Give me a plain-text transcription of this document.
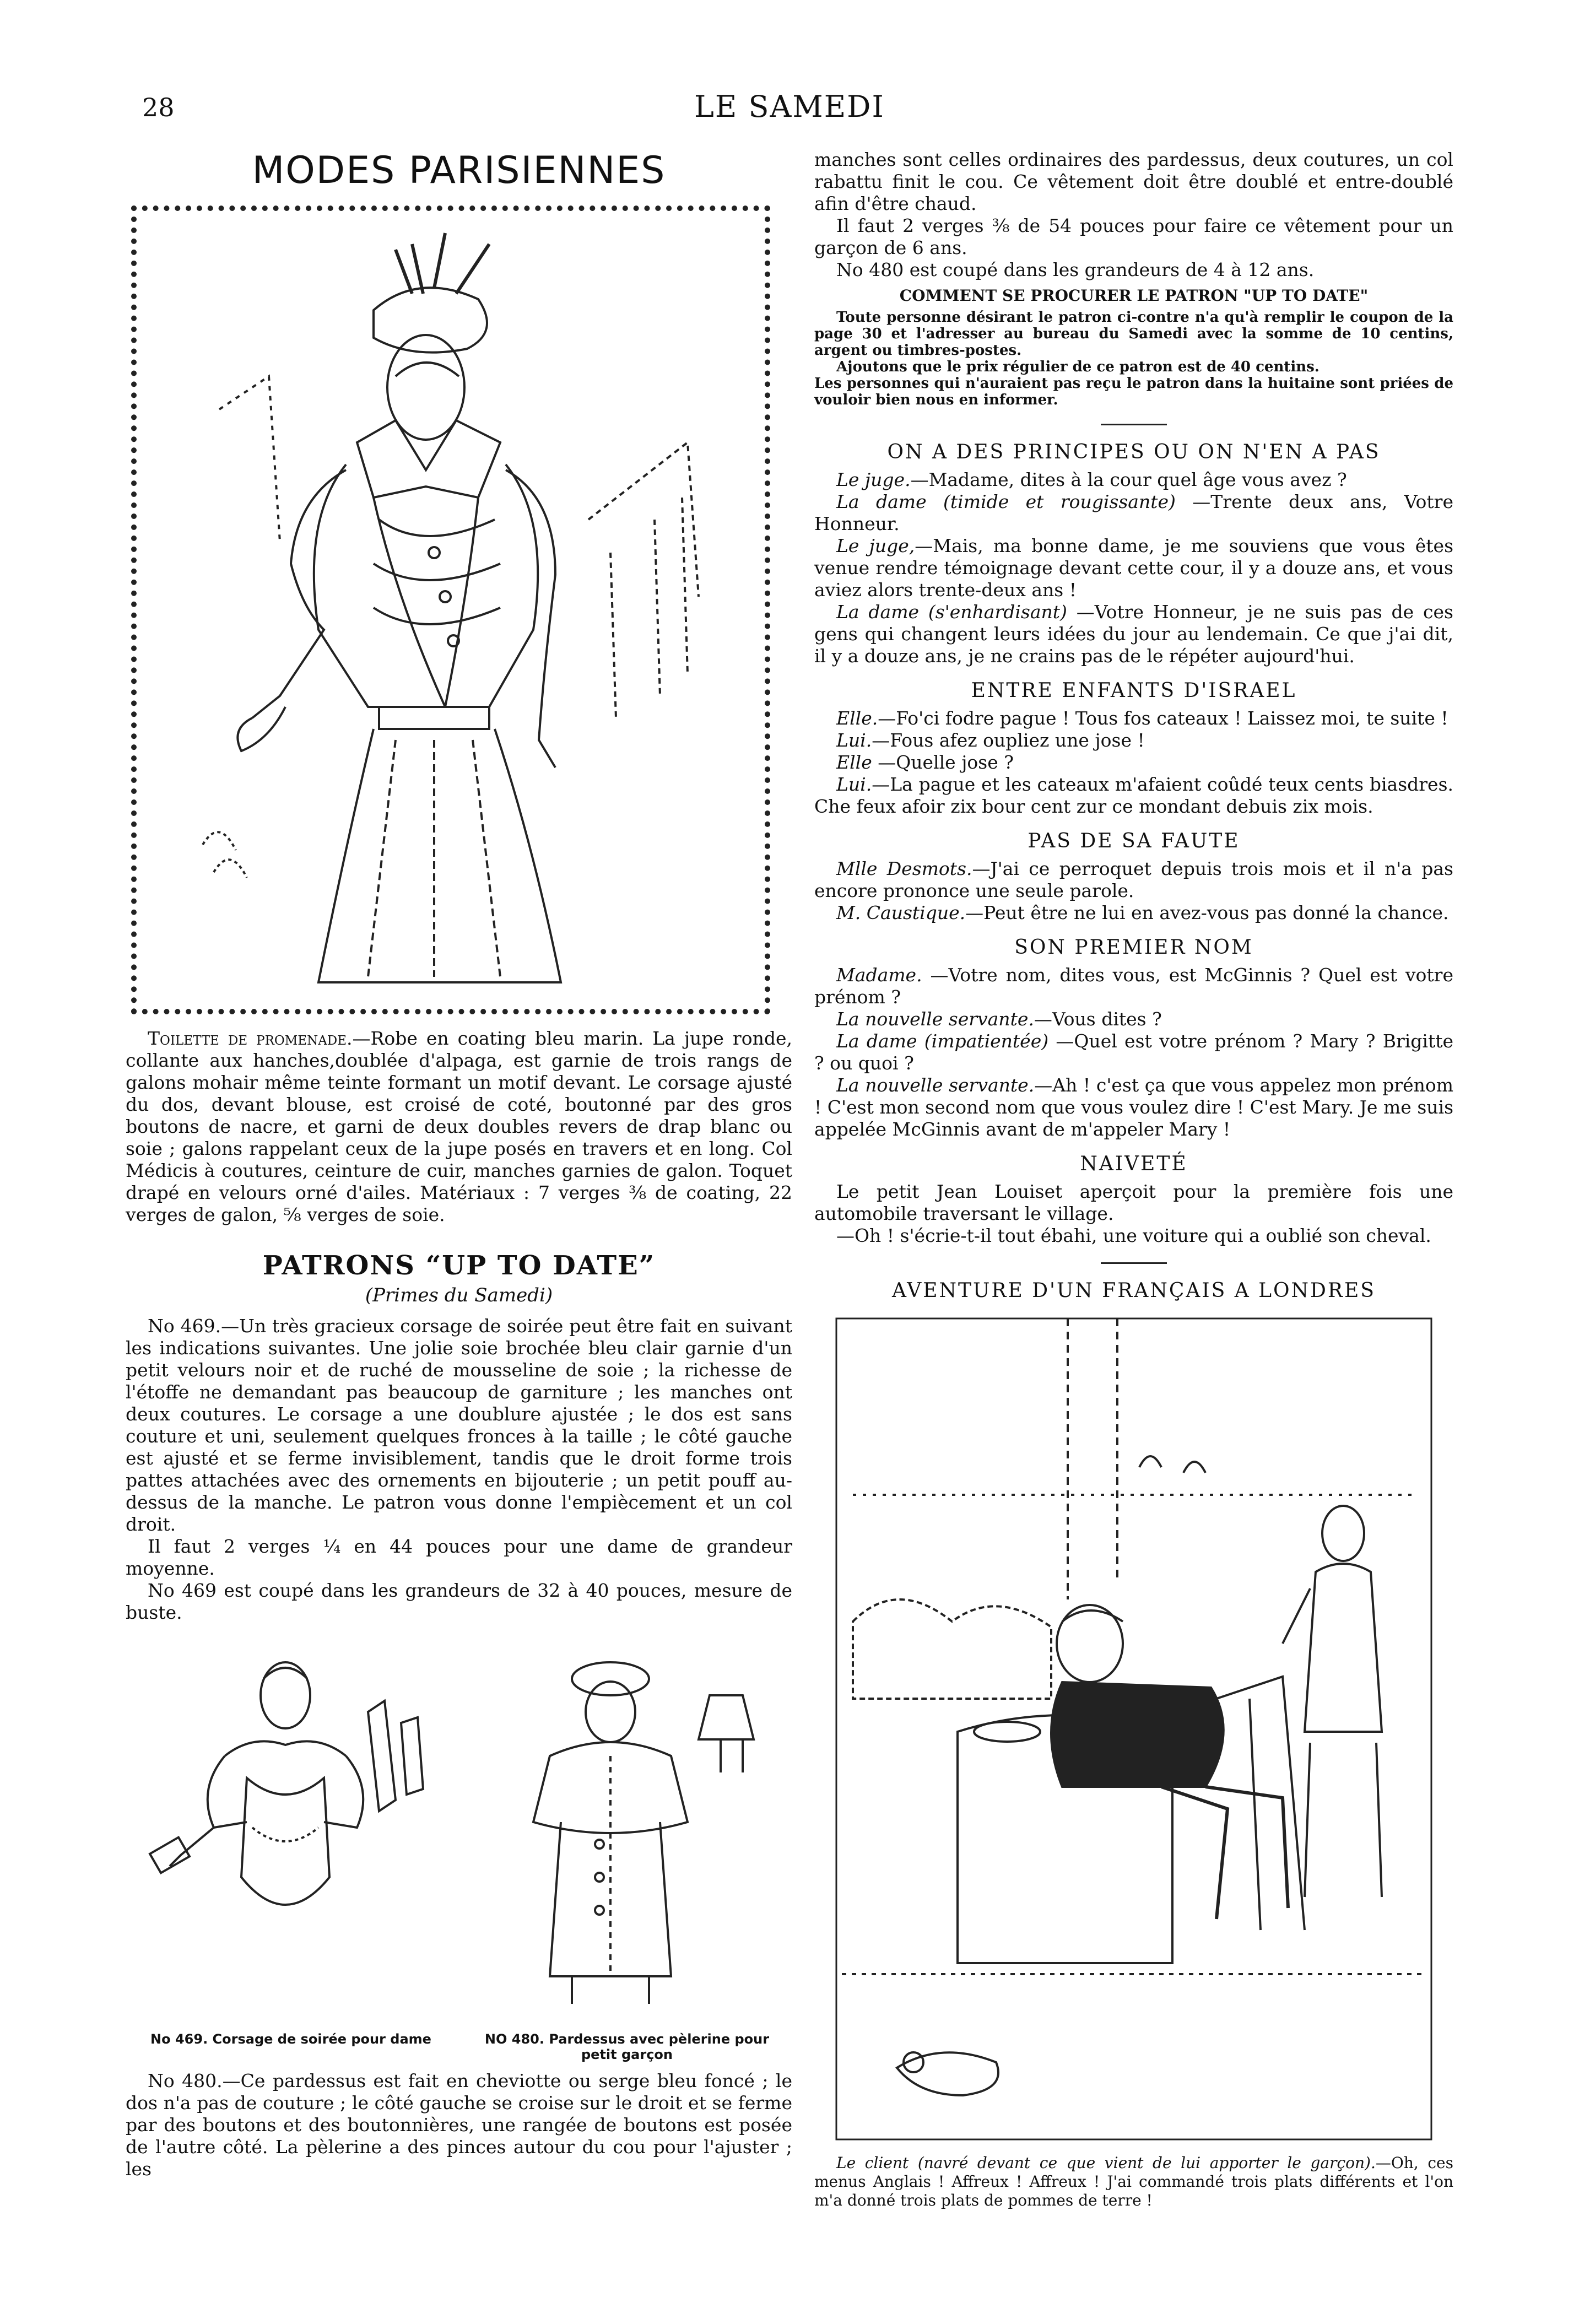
28	LE SAMEDI
MODES PARISIENNES

Toilette de promenade.—Robe en coating bleu marin. La jupe ronde, collante aux hanches,doublée d'alpaga, est garnie de trois rangs de galons mohair même teinte formant un motif devant. Le corsage ajusté du dos, devant blouse, est croisé de coté, boutonné par des gros boutons de nacre, et garni de deux doubles revers de drap blanc ou soie ; galons rappelant ceux de la jupe posés en travers et en long. Col Médicis à coutures, ceinture de cuir, manches garnies de galon. Toquet drapé en velours orné d'ailes. Matériaux : 7 verges ⅜ de coating, 22 verges de galon, ⅝ verges de soie.

PATRONS “UP TO DATE”
(Primes du Samedi)

No 469.—Un très gracieux corsage de soirée peut être fait en suivant les indications suivantes. Une jolie soie brochée bleu clair garnie d'un petit velours noir et de ruché de mousseline de soie ; la richesse de l'étoffe ne demandant pas beaucoup de garniture ; les manches ont deux coutures. Le corsage a une doublure ajustée ; le dos est sans couture et uni, seulement quelques fronces à la taille ; le côté gauche est ajusté et se ferme invisiblement, tandis que le droit forme trois pattes attachées avec des ornements en bijouterie ; un petit pouff au-dessus de la manche. Le patron vous donne l'empiècement et un col droit.

Il faut 2 verges ¼ en 44 pouces pour une dame de grandeur moyenne.

No 469 est coupé dans les grandeurs de 32 à 40 pouces, mesure de buste.

No 469. Corsage de soirée pour dame	NO 480. Pardessus avec pèlerine pour petit garçon

No 480.—Ce pardessus est fait en cheviotte ou serge bleu foncé ; le dos n'a pas de couture ; le côté gauche se croise sur le droit et se ferme par des boutons et des boutonnières, une rangée de boutons est posée de l'autre côté. La pèlerine a des pinces autour du cou pour l'ajuster ; les

manches sont celles ordinaires des pardessus, deux coutures, un col rabattu finit le cou. Ce vêtement doit être doublé et entre-doublé afin d'être chaud.

Il faut 2 verges ⅜ de 54 pouces pour faire ce vêtement pour un garçon de 6 ans.

No 480 est coupé dans les grandeurs de 4 à 12 ans.

COMMENT SE PROCURER LE PATRON "UP TO DATE"

Toute personne désirant le patron ci-contre n'a qu'à remplir le coupon de la page 30 et l'adresser au bureau du Samedi avec la somme de 10 centins, argent ou timbres-postes.

Ajoutons que le prix régulier de ce patron est de 40 centins.

Les personnes qui n'auraient pas reçu le patron dans la huitaine sont priées de vouloir bien nous en informer.

ON A DES PRINCIPES OU ON N'EN A PAS

Le juge.—Madame, dites à la cour quel âge vous avez ?

La dame (timide et rougissante) —Trente deux ans, Votre Honneur.

Le juge,—Mais, ma bonne dame, je me souviens que vous êtes venue rendre témoignage devant cette cour, il y a douze ans, et vous aviez alors trente-deux ans !

La dame (s'enhardisant) —Votre Honneur, je ne suis pas de ces gens qui changent leurs idées du jour au lendemain. Ce que j'ai dit, il y a douze ans, je ne crains pas de le répéter aujourd'hui.

ENTRE ENFANTS D'ISRAEL

Elle.—Fo'ci fodre pague ! Tous fos cateaux ! Laissez moi, te suite !

Lui.—Fous afez oupliez une jose !

Elle —Quelle jose ?

Lui.—La pague et les cateaux m'afaient coûdé teux cents biasdres. Che feux afoir zix bour cent zur ce mondant debuis zix mois.

PAS DE SA FAUTE

Mlle Desmots.—J'ai ce perroquet depuis trois mois et il n'a pas encore prononce une seule parole.

M. Caustique.—Peut être ne lui en avez-vous pas donné la chance.

SON PREMIER NOM

Madame. —Votre nom, dites vous, est McGinnis ? Quel est votre prénom ?

La nouvelle servante.—Vous dites ?

La dame (impatientée) —Quel est votre prénom ? Mary ? Brigitte ? ou quoi ?

La nouvelle servante.—Ah ! c'est ça que vous appelez mon prénom ! C'est mon second nom que vous voulez dire ! C'est Mary. Je me suis appelée McGinnis avant de m'appeler Mary !

NAIVETÉ

Le petit Jean Louiset aperçoit pour la première fois une automobile traversant le village.

—Oh ! s'écrie-t-il tout ébahi, une voiture qui a oublié son cheval.

AVENTURE D'UN FRANÇAIS A LONDRES

Le client (navré devant ce que vient de lui apporter le garçon).—Oh, ces menus Anglais ! Affreux ! Affreux ! J'ai commandé trois plats différents et l'on m'a donné trois plats de pommes de terre !
